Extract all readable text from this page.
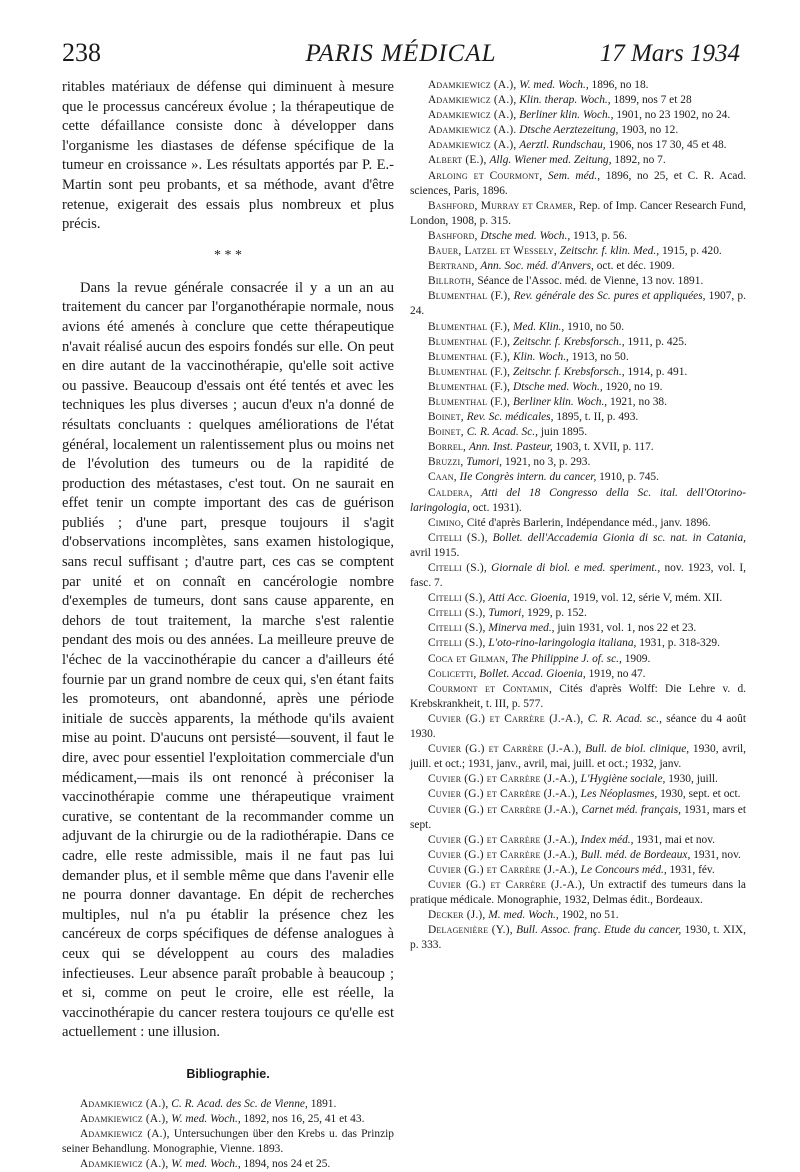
238	PARIS MÉDICAL	17 Mars 1934

ritables matériaux de défense qui diminuent à mesure que le processus cancéreux évolue ; la thérapeutique de cette défaillance consiste donc à développer dans l'organisme les diastases de défense spécifique de la tumeur en croissance ». Les résultats apportés par P. E.-Martin sont peu probants, et sa méthode, avant d'être retenue, exigerait des essais plus nombreux et plus précis.

* * *

Dans la revue générale consacrée il y a un an au traitement du cancer par l'organothérapie normale, nous avions été amenés à conclure que cette thérapeutique n'avait réalisé aucun des espoirs fondés sur elle. On peut en dire autant de la vaccinothérapie, qu'elle soit active ou passive. Beaucoup d'essais ont été tentés et avec les techniques les plus diverses ; aucun d'eux n'a donné de résultats concluants : quelques améliorations de l'état général, localement un ralentissement plus ou moins net de l'évolution des tumeurs ou de la rapidité de production des métastases, c'est tout. On ne saurait en effet tenir un compte important des cas de guérison publiés ; d'une part, presque toujours il s'agit d'observations incomplètes, sans examen histologique, sans recul suffisant ; d'autre part, ces cas se comptent par unité et on connaît en cancérologie nombre d'exemples de tumeurs, dont sans cause apparente, en dehors de tout traitement, la marche s'est ralentie pendant des mois ou des années. La meilleure preuve de l'échec de la vaccinothérapie du cancer a d'ailleurs été fournie par un grand nombre de ceux qui, s'en étant faits les promoteurs, ont abandonné, après une période initiale de succès apparents, la méthode qu'ils avaient mise au point. D'aucuns ont persisté—souvent, il faut le dire, avec pour essentiel l'exploitation commerciale d'un médicament,—mais ils ont renoncé à préconiser la vaccinothérapie comme une thérapeutique vraiment curative, se contentant de la recommander comme un adjuvant de la chirurgie ou de la radiothérapie. Dans ce cadre, elle reste admissible, mais il ne faut pas lui demander plus, et il semble même que dans l'avenir elle ne pourra donner davantage. En dépit de recherches multiples, nul n'a pu établir la présence chez les cancéreux de corps spécifiques de défense analogues à ceux qui se développent au cours des maladies infectieuses. Leur absence paraît probable à beaucoup ; et si, comme on peut le croire, elle est réelle, la vaccinothérapie du cancer restera toujours ce qu'elle est actuellement : une illusion.

Bibliographie.

Adamkiewicz (A.), C. R. Acad. des Sc. de Vienne, 1891.

Adamkiewicz (A.), W. med. Woch., 1892, nos 16, 25, 41 et 43.

Adamkiewicz (A.), Untersuchungen über den Krebs u. das Prinzip seiner Behandlung. Monographie, Vienne. 1893.

Adamkiewicz (A.), W. med. Woch., 1894, nos 24 et 25.

Adamkiewicz (A.), W. med. Woch., 1896, no 18.

Adamkiewicz (A.), Klin. therap. Woch., 1899, nos 7 et 28

Adamkiewicz (A.), Berliner klin. Woch., 1901, no 23 1902, no 24.

Adamkiewicz (A.). Dtsche Aerztezeitung, 1903, no 12.

Adamkiewicz (A.), Aerztl. Rundschau, 1906, nos 17 30, 45 et 48.

Albert (E.), Allg. Wiener med. Zeitung, 1892, no 7.

Arloing et Courmont, Sem. méd., 1896, no 25, et C. R. Acad. sciences, Paris, 1896.

Bashford, Murray et Cramer, Rep. of Imp. Cancer Research Fund, London, 1908, p. 315.

Bashford, Dtsche med. Woch., 1913, p. 56.

Bauer, Latzel et Wessely, Zeitschr. f. klin. Med., 1915, p. 420.

Bertrand, Ann. Soc. méd. d'Anvers, oct. et déc. 1909.

Billroth, Séance de l'Assoc. méd. de Vienne, 13 nov. 1891.

Blumenthal (F.), Rev. générale des Sc. pures et appliquées, 1907, p. 24.

Blumenthal (F.), Med. Klin., 1910, no 50.

Blumenthal (F.), Zeitschr. f. Krebsforsch., 1911, p. 425.

Blumenthal (F.), Klin. Woch., 1913, no 50.

Blumenthal (F.), Zeitschr. f. Krebsforsch., 1914, p. 491.

Blumenthal (F.), Dtsche med. Woch., 1920, no 19.

Blumenthal (F.), Berliner klin. Woch., 1921, no 38.

Boinet, Rev. Sc. médicales, 1895, t. II, p. 493.

Boinet, C. R. Acad. Sc., juin 1895.

Borrel, Ann. Inst. Pasteur, 1903, t. XVII, p. 117.

Bruzzi, Tumori, 1921, no 3, p. 293.

Caan, IIe Congrès intern. du cancer, 1910, p. 745.

Caldera, Atti del 18 Congresso della Sc. ital. dell'Otorino-laringologia, oct. 1931).

Cimino, Cité d'après Barlerin, Indépendance méd., janv. 1896.

Citelli (S.), Bollet. dell'Accademia Gionia di sc. nat. in Catania, avril 1915.

Citelli (S.), Giornale di biol. e med. speriment., nov. 1923, vol. I, fasc. 7.

Citelli (S.), Atti Acc. Gioenia, 1919, vol. 12, série V, mém. XII.

Citelli (S.), Tumori, 1929, p. 152.

Citelli (S.), Minerva med., juin 1931, vol. 1, nos 22 et 23.

Citelli (S.), L'oto-rino-laringologia italiana, 1931, p. 318-329.

Coca et Gilman, The Philippine J. of. sc., 1909.

Colicetti, Bollet. Accad. Gioenia, 1919, no 47.

Courmont et Contamin, Cités d'après Wolff: Die Lehre v. d. Krebskrankheit, t. III, p. 577.

Cuvier (G.) et Carrère (J.-A.), C. R. Acad. sc., séance du 4 août 1930.

Cuvier (G.) et Carrère (J.-A.), Bull. de biol. clinique, 1930, avril, juill. et oct.; 1931, janv., avril, mai, juill. et oct.; 1932, janv.

Cuvier (G.) et Carrère (J.-A.), L'Hygiène sociale, 1930, juill.

Cuvier (G.) et Carrère (J.-A.), Les Néoplasmes, 1930, sept. et oct.

Cuvier (G.) et Carrère (J.-A.), Carnet méd. français, 1931, mars et sept.

Cuvier (G.) et Carrère (J.-A.), Index méd., 1931, mai et nov.

Cuvier (G.) et Carrère (J.-A.), Bull. méd. de Bordeaux, 1931, nov.

Cuvier (G.) et Carrère (J.-A.), Le Concours méd., 1931, fév.

Cuvier (G.) et Carrère (J.-A.), Un extractif des tumeurs dans la pratique médicale. Monographie, 1932, Delmas édit., Bordeaux.

Decker (J.), M. med. Woch., 1902, no 51.

Delagenière (Y.), Bull. Assoc. franç. Etude du cancer, 1930, t. XIX, p. 333.
